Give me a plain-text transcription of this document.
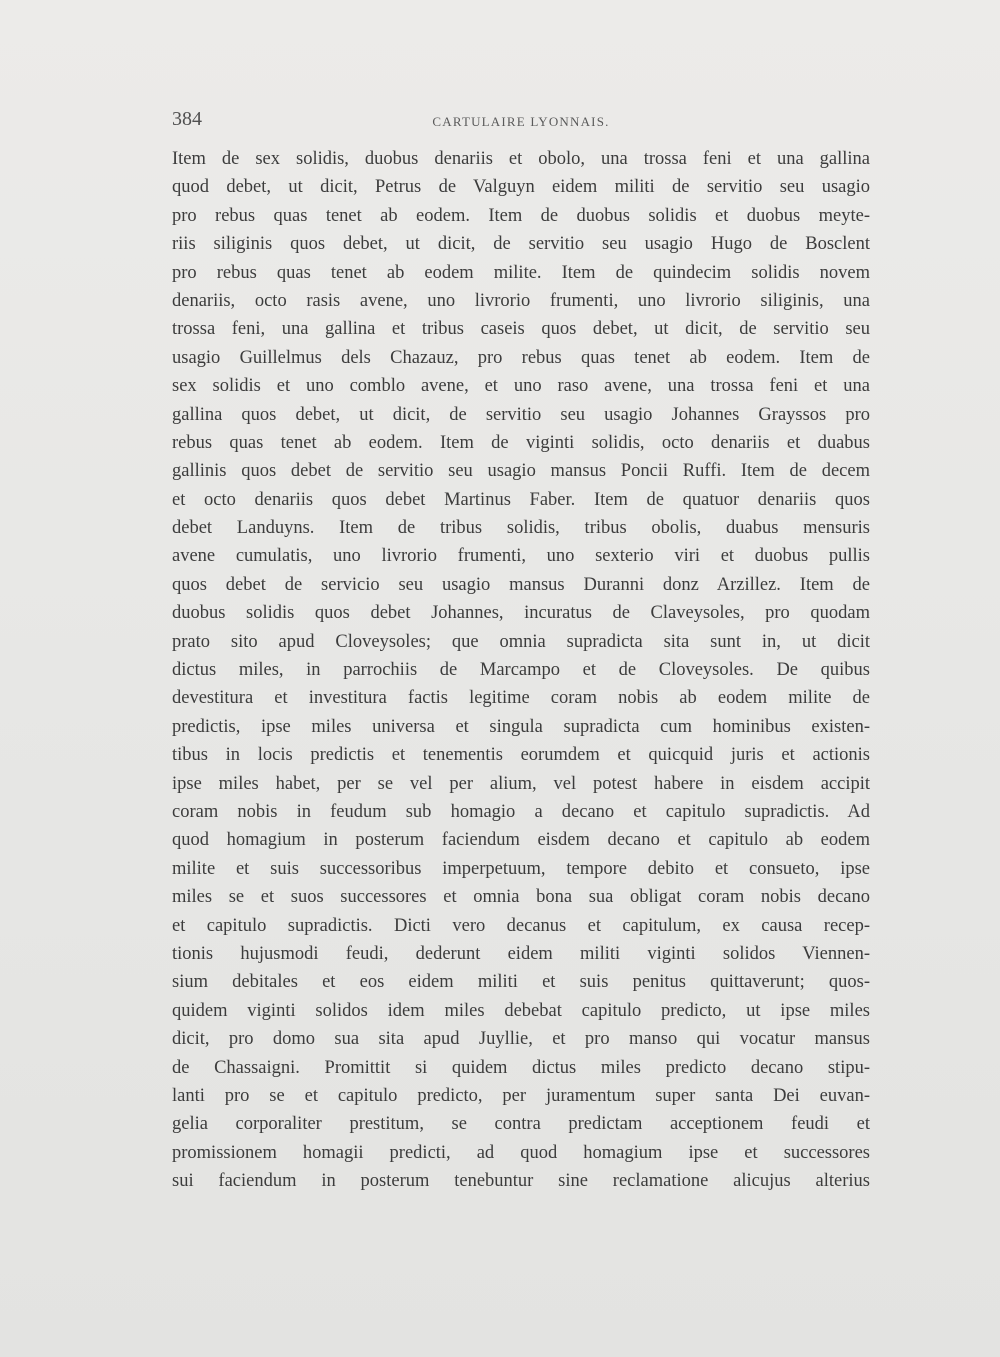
384	CARTULAIRE LYONNAIS.
Item de sex solidis, duobus denariis et obolo, una trossa feni et una gallina
quod debet, ut dicit, Petrus de Valguyn eidem militi de servitio seu usagio
pro rebus quas tenet ab eodem. Item de duobus solidis et duobus meyte-
riis siliginis quos debet, ut dicit, de servitio seu usagio Hugo de Bosclent
pro rebus quas tenet ab eodem milite. Item de quindecim solidis novem
denariis, octo rasis avene, uno livrorio frumenti, uno livrorio siliginis, una
trossa feni, una gallina et tribus caseis quos debet, ut dicit, de servitio seu
usagio Guillelmus dels Chazauz, pro rebus quas tenet ab eodem. Item de
sex solidis et uno comblo avene, et uno raso avene, una trossa feni et una
gallina quos debet, ut dicit, de servitio seu usagio Johannes Grayssos pro
rebus quas tenet ab eodem. Item de viginti solidis, octo denariis et duabus
gallinis quos debet de servitio seu usagio mansus Poncii Ruffi. Item de decem
et octo denariis quos debet Martinus Faber. Item de quatuor denariis quos
debet Landuyns. Item de tribus solidis, tribus obolis, duabus mensuris
avene cumulatis, uno livrorio frumenti, uno sexterio viri et duobus pullis
quos debet de servicio seu usagio mansus Duranni donz Arzillez. Item de
duobus solidis quos debet Johannes, incuratus de Claveysoles, pro quodam
prato sito apud Cloveysoles; que omnia supradicta sita sunt in, ut dicit
dictus miles, in parrochiis de Marcampo et de Cloveysoles. De quibus
devestitura et investitura factis legitime coram nobis ab eodem milite de
predictis, ipse miles universa et singula supradicta cum hominibus existen-
tibus in locis predictis et tenementis eorumdem et quicquid juris et actionis
ipse miles habet, per se vel per alium, vel potest habere in eisdem accipit
coram nobis in feudum sub homagio a decano et capitulo supradictis. Ad
quod homagium in posterum faciendum eisdem decano et capitulo ab eodem
milite et suis successoribus imperpetuum, tempore debito et consueto, ipse
miles se et suos successores et omnia bona sua obligat coram nobis decano
et capitulo supradictis. Dicti vero decanus et capitulum, ex causa recep-
tionis hujusmodi feudi, dederunt eidem militi viginti solidos Viennen-
sium debitales et eos eidem militi et suis penitus quittaverunt; quos-
quidem viginti solidos idem miles debebat capitulo predicto, ut ipse miles
dicit, pro domo sua sita apud Juyllie, et pro manso qui vocatur mansus
de Chassaigni. Promittit si quidem dictus miles predicto decano stipu-
lanti pro se et capitulo predicto, per juramentum super santa Dei euvan-
gelia corporaliter prestitum, se contra predictam acceptionem feudi et
promissionem homagii predicti, ad quod homagium ipse et successores
sui faciendum in posterum tenebuntur sine reclamatione alicujus alterius
